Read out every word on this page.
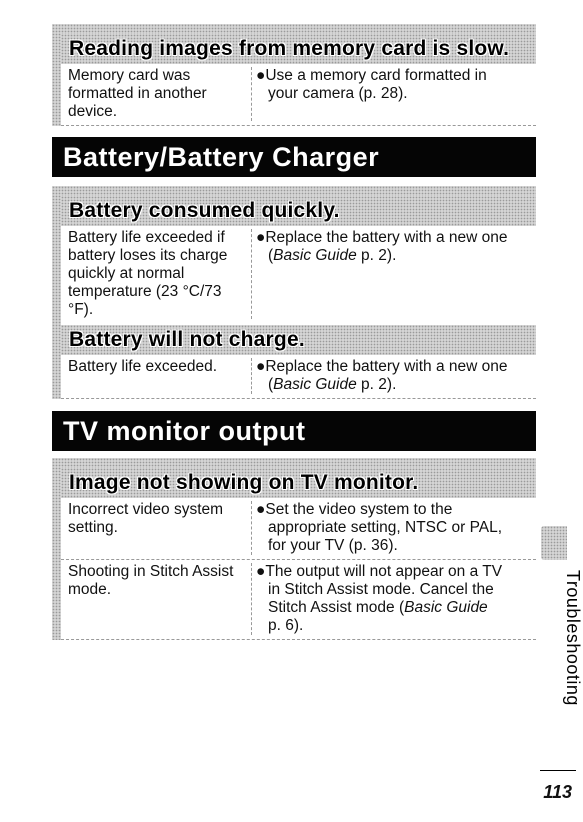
Reading images from memory card is slow.
Memory card was
formatted in another
device.
●Use a memory card formatted in
your camera (p. 28).
Battery/Battery Charger
Battery consumed quickly.
Battery life exceeded if
battery loses its charge
quickly at normal
temperature (23 °C/73
°F).
●Replace the battery with a new one
(Basic Guide p. 2).
Battery will not charge.
Battery life exceeded.	●Replace the battery with a new one
(Basic Guide p. 2).
TV monitor output
Image not showing on TV monitor.
Incorrect video system
setting.
●Set the video system to the
appropriate setting, NTSC or PAL,
for your TV (p. 36).
Shooting in Stitch Assist
mode.
●The output will not appear on a TV
in Stitch Assist mode. Cancel the
Stitch Assist mode (Basic Guide
p. 6).	Troubleshooting
113
